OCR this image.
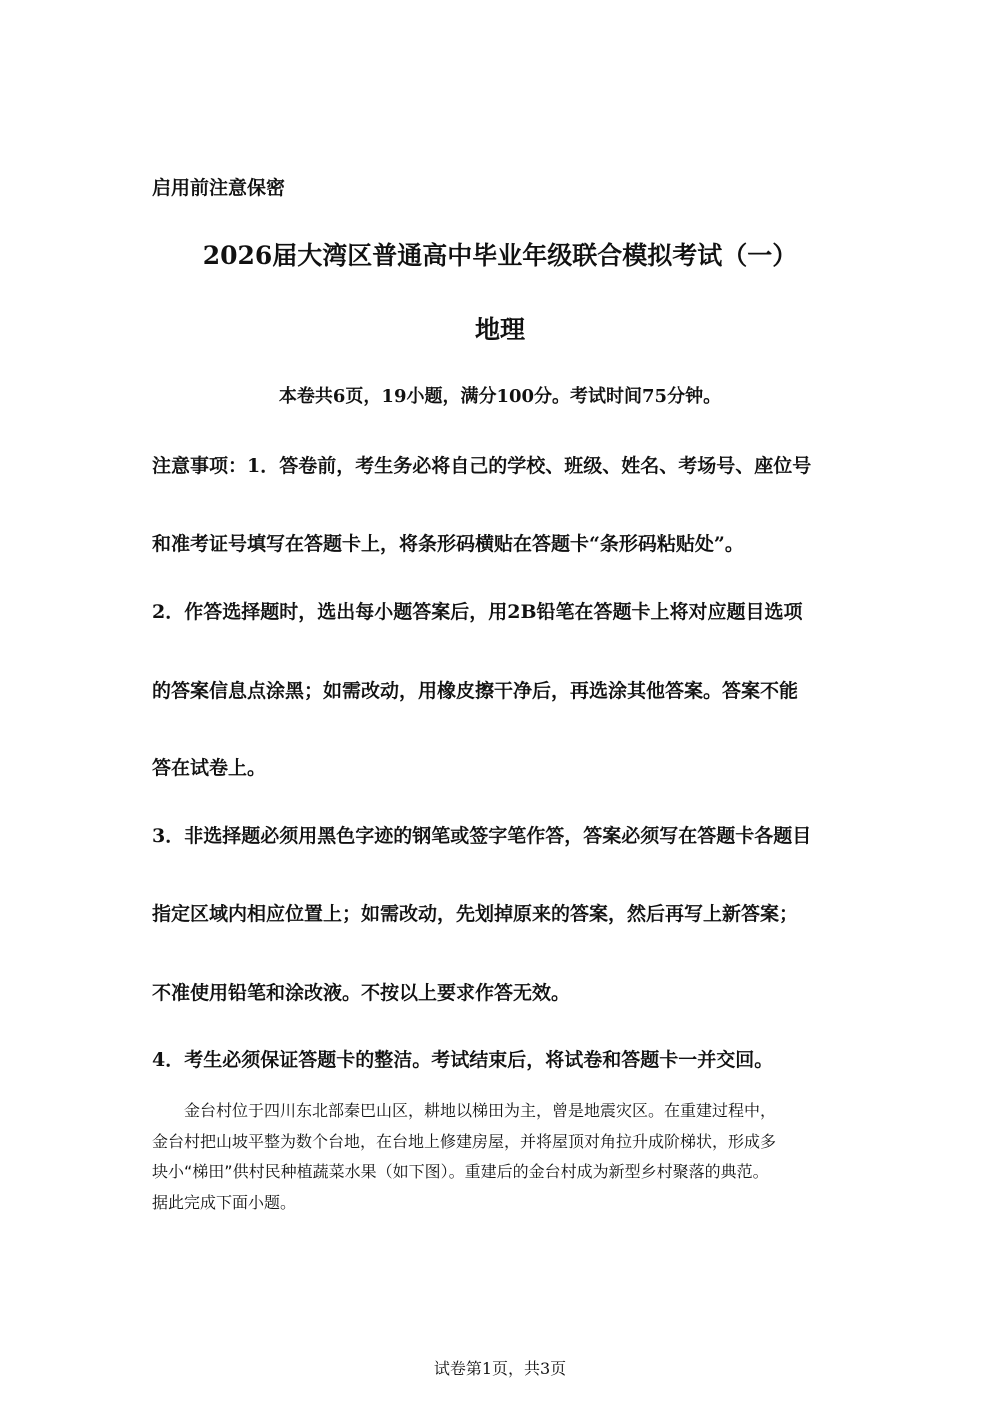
启用前注意保密
2026届大湾区普通高中毕业年级联合模拟考试（一）
地理
本卷共6页，19小题，满分100分。考试时间75分钟。
注意事项：1．答卷前，考生务必将自己的学校、班级、姓名、考场号、座位号
和准考证号填写在答题卡上，将条形码横贴在答题卡“条形码粘贴处”。
2．作答选择题时，选出每小题答案后，用2B铅笔在答题卡上将对应题目选项
的答案信息点涂黑；如需改动，用橡皮擦干净后，再选涂其他答案。答案不能
答在试卷上。
3．非选择题必须用黑色字迹的钢笔或签字笔作答，答案必须写在答题卡各题目
指定区域内相应位置上；如需改动，先划掉原来的答案，然后再写上新答案；
不准使用铅笔和涂改液。不按以上要求作答无效。
4．考生必须保证答题卡的整洁。考试结束后，将试卷和答题卡一并交回。
　　金台村位于四川东北部秦巴山区，耕地以梯田为主，曾是地震灾区。在重建过程中，
金台村把山坡平整为数个台地，在台地上修建房屋，并将屋顶对角拉升成阶梯状，形成多
块小“梯田”供村民种植蔬菜水果（如下图）。重建后的金台村成为新型乡村聚落的典范。
据此完成下面小题。
试卷第1页，共3页
